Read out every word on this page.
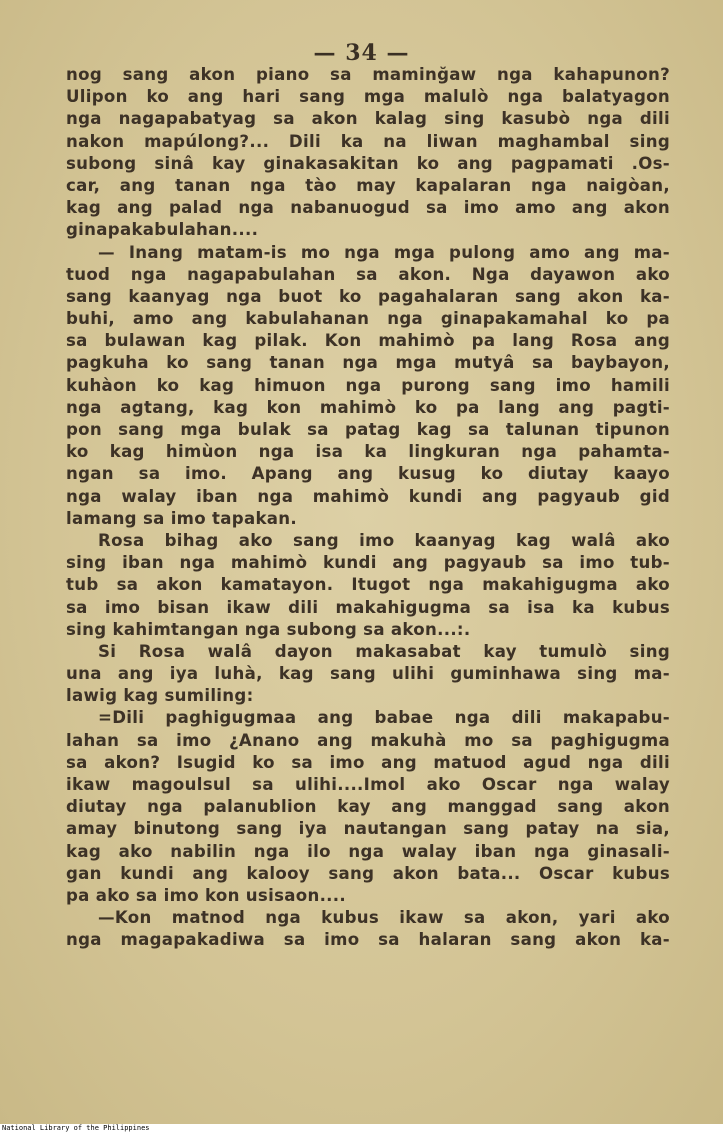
— 34 —
nog sang akon piano sa maminğaw nga kahapunon?
Ulipon ko ang hari sang mga malulò nga balatyagon
nga nagapabatyag sa akon kalag sing kasubò nga dili
nakon mapúlong?... Dili ka na liwan maghambal sing
subong sinâ kay ginakasakitan ko ang pagpamati .Os-
car, ang tanan nga tào may kapalaran nga naigòan,
kag ang palad nga nabanuogud sa imo amo ang akon
ginapakabulahan....
— Inang matam-is mo nga mga pulong amo ang ma-
tuod nga nagapabulahan sa akon. Nga dayawon ako
sang kaanyag nga buot ko pagahalaran sang akon ka-
buhi, amo ang kabulahanan nga ginapakamahal ko pa
sa bulawan kag pilak. Kon mahimò pa lang Rosa ang
pagkuha ko sang tanan nga mga mutyâ sa baybayon,
kuhàon ko kag himuon nga purong sang imo hamili
nga agtang, kag kon mahimò ko pa lang ang pagti-
pon sang mga bulak sa patag kag sa talunan tipunon
ko kag himùon nga isa ka lingkuran nga pahamta-
ngan sa imo. Apang ang kusug ko diutay kaayo
nga walay iban nga mahimò kundi ang pagyaub gid
lamang sa imo tapakan.
Rosa bihag ako sang imo kaanyag kag walâ ako
sing iban nga mahimò kundi ang pagyaub sa imo tub-
tub sa akon kamatayon. Itugot nga makahigugma ako
sa imo bisan ikaw dili makahigugma sa isa ka kubus
sing kahimtangan nga subong sa akon...:.
Si Rosa walâ dayon makasabat kay tumulò sing
una ang iya luhà, kag sang ulihi guminhawa sing ma-
lawig kag sumiling:
=Dili paghigugmaa ang babae nga dili makapabu-
lahan sa imo ¿Anano ang makuhà mo sa paghigugma
sa akon? Isugid ko sa imo ang matuod agud nga dili
ikaw magoulsul sa ulihi....Imol ako Oscar nga walay
diutay nga palanublion kay ang manggad sang akon
amay binutong sang iya nautangan sang patay na sia,
kag ako nabilin nga ilo nga walay iban nga ginasali-
gan kundi ang kalooy sang akon bata... Oscar kubus
pa ako sa imo kon usisaon....
—Kon matnod nga kubus ikaw sa akon, yari ako
nga magapakadiwa sa imo sa halaran sang akon ka-
National Library of the Philippines
